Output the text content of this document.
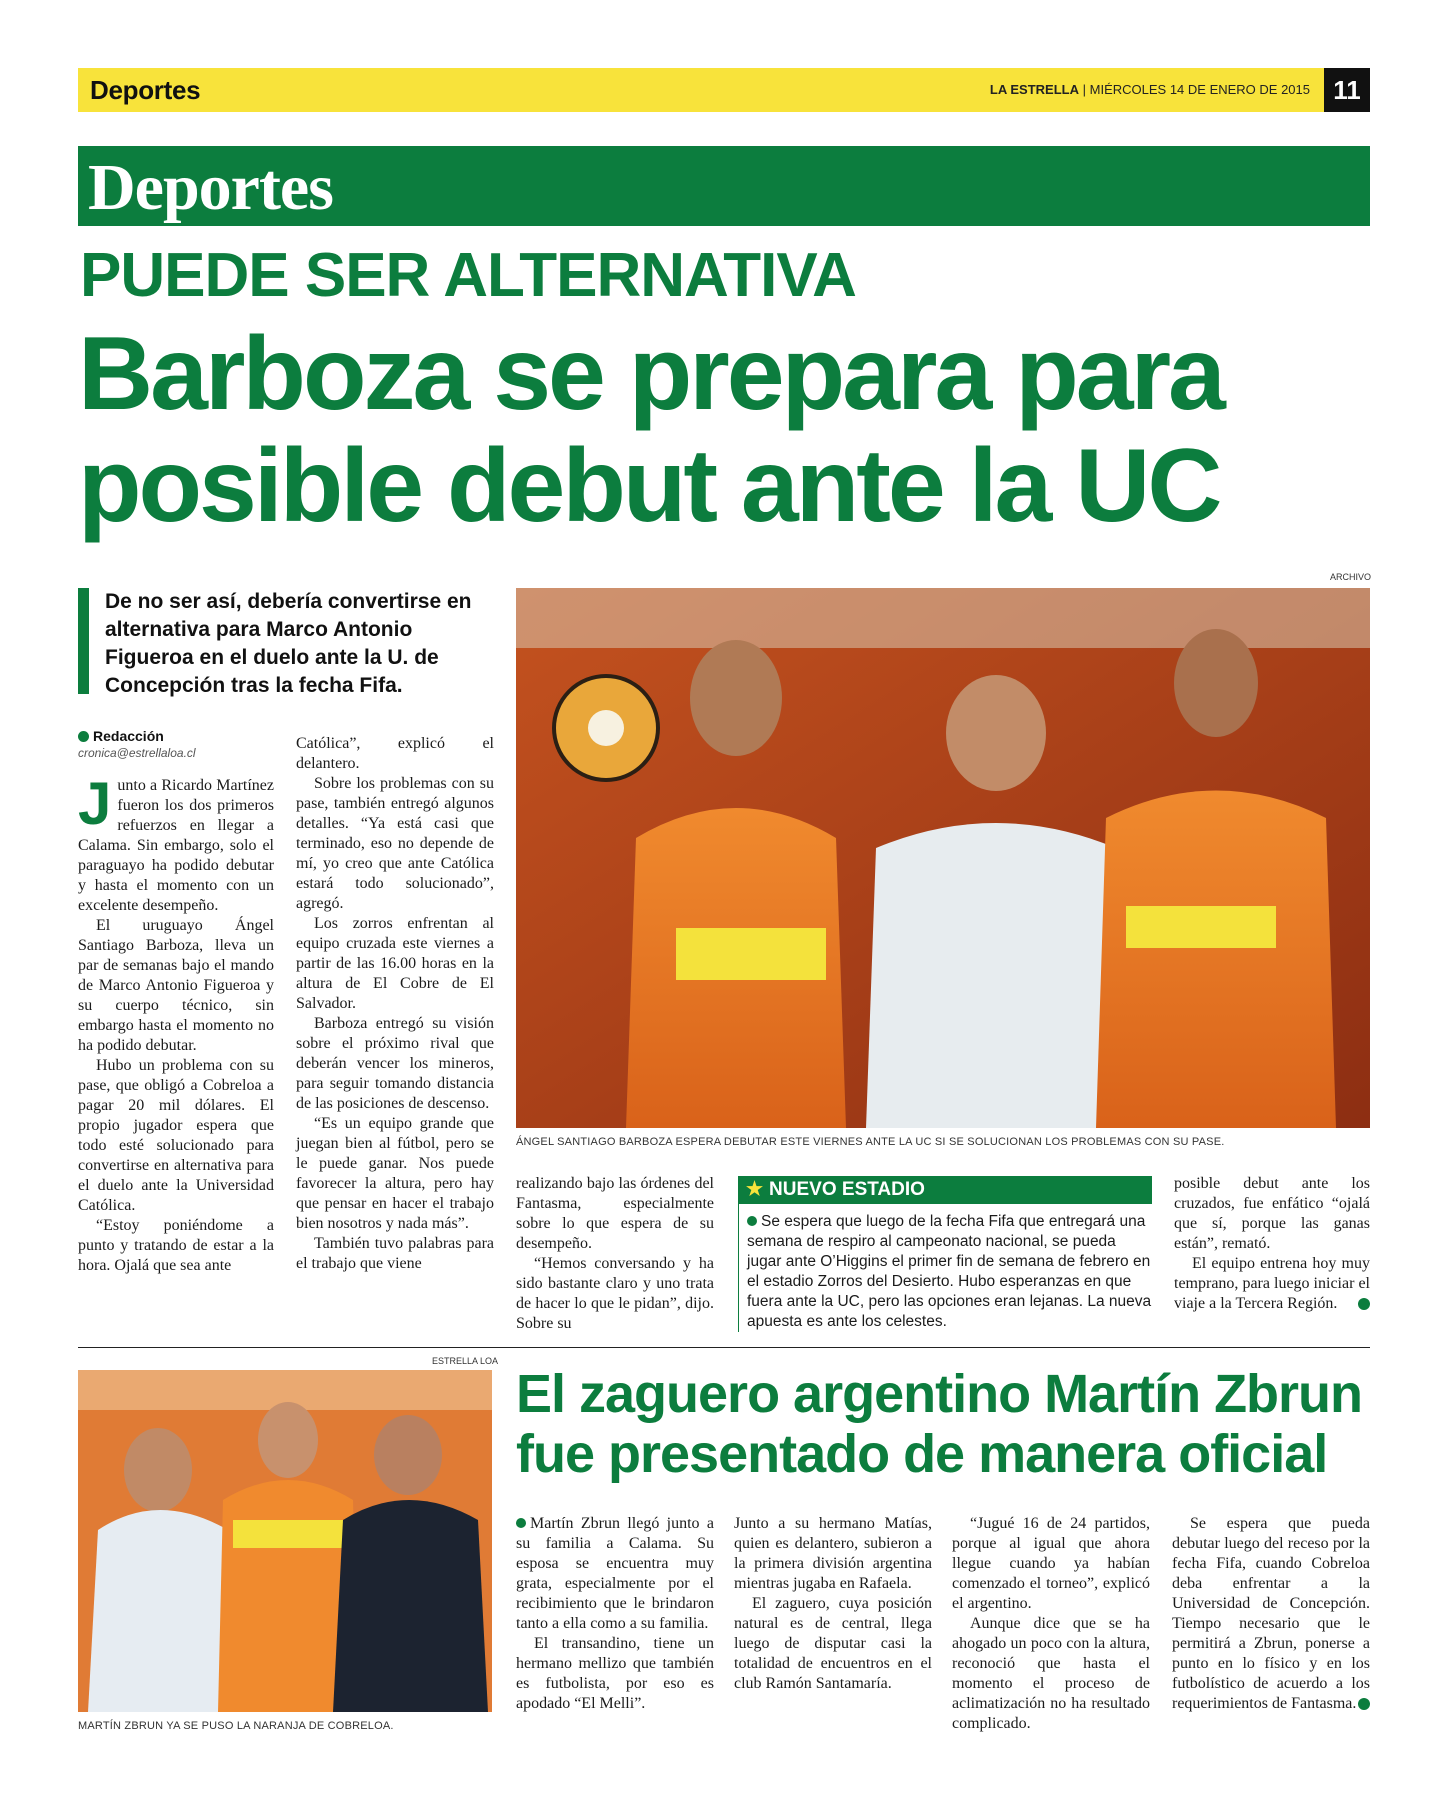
Deportes	LA ESTRELLA | MIÉRCOLES 14 DE ENERO DE 2015 11
Deportes
PUEDE SER ALTERNATIVA
Barboza se prepara para
posible debut ante la UC
ARCHIVO

De no ser así, debería convertirse en alternativa para Marco Antonio Figueroa en el duelo ante la U. de Concepción tras la fecha Fifa.

Redacción
cronica@estrellaloa.cl

Junto a Ricardo Martínez fueron los dos primeros refuerzos en llegar a Calama. Sin embargo, solo el paraguayo ha podido debutar y hasta el momento con un excelente desempeño.

El uruguayo Ángel Santiago Barboza, lleva un par de semanas bajo el mando de Marco Antonio Figueroa y su cuerpo técnico, sin embargo hasta el momento no ha podido debutar.

Hubo un problema con su pase, que obligó a Cobreloa a pagar 20 mil dólares. El propio jugador espera que todo esté solucionado para convertirse en alternativa para el duelo ante la Universidad Católica.

“Estoy poniéndome a punto y tratando de estar a la hora. Ojalá que sea ante

Católica”, explicó el delantero.

Sobre los problemas con su pase, también entregó algunos detalles. “Ya está casi que terminado, eso no depende de mí, yo creo que ante Católica estará todo solucionado”, agregó.

Los zorros enfrentan al equipo cruzada este viernes a partir de las 16.00 horas en la altura de El Cobre de El Salvador.

Barboza entregó su visión sobre el próximo rival que deberán vencer los mineros, para seguir tomando distancia de las posiciones de descenso.

“Es un equipo grande que juegan bien al fútbol, pero se le puede ganar. Nos puede favorecer la altura, pero hay que pensar en hacer el trabajo bien nosotros y nada más”.

También tuvo palabras para el trabajo que viene

ÁNGEL SANTIAGO BARBOZA ESPERA DEBUTAR ESTE VIERNES ANTE LA UC SI SE SOLUCIONAN LOS PROBLEMAS CON SU PASE.

realizando bajo las órdenes del Fantasma, especialmente sobre lo que espera de su desempeño.

“Hemos conversando y ha sido bastante claro y uno trata de hacer lo que le pidan”, dijo. Sobre su

★ NUEVO ESTADIO
Se espera que luego de la fecha Fifa que entregará una semana de respiro al campeonato nacional, se pueda jugar ante O’Higgins el primer fin de semana de febrero en el estadio Zorros del Desierto. Hubo esperanzas en que fuera ante la UC, pero las opciones eran lejanas. La nueva apuesta es ante los celestes.

posible debut ante los cruzados, fue enfático “ojalá que sí, porque las ganas están”, remató.

El equipo entrena hoy muy temprano, para luego iniciar el viaje a la Tercera Región.	✪

ESTRELLA LOA
MARTÍN ZBRUN YA SE PUSO LA NARANJA DE COBRELOA.
El zaguero argentino Martín Zbrun
fue presentado de manera oficial

Martín Zbrun llegó junto a su familia a Calama. Su esposa se encuentra muy grata, especialmente por el recibimiento que le brindaron tanto a ella como a su familia.

El transandino, tiene un hermano mellizo que también es futbolista, por eso es apodado “El Melli”.

Junto a su hermano Matías, quien es delantero, subieron a la primera división argentina mientras jugaba en Rafaela.

El zaguero, cuya posición natural es de central, llega luego de disputar casi la totalidad de encuentros en el club Ramón Santamaría.

“Jugué 16 de 24 partidos, porque al igual que ahora llegue cuando ya habían comenzado el torneo”, explicó el argentino.

Aunque dice que se ha ahogado un poco con la altura, reconoció que hasta el momento el proceso de aclimatización no ha resultado complicado.

Se espera que pueda debutar luego del receso por la fecha Fifa, cuando Cobreloa deba enfrentar a la Universidad de Concepción. Tiempo necesario que le permitirá a Zbrun, ponerse a punto en lo físico y en los futbolístico de acuerdo a los requerimientos de Fantasma.	✪
